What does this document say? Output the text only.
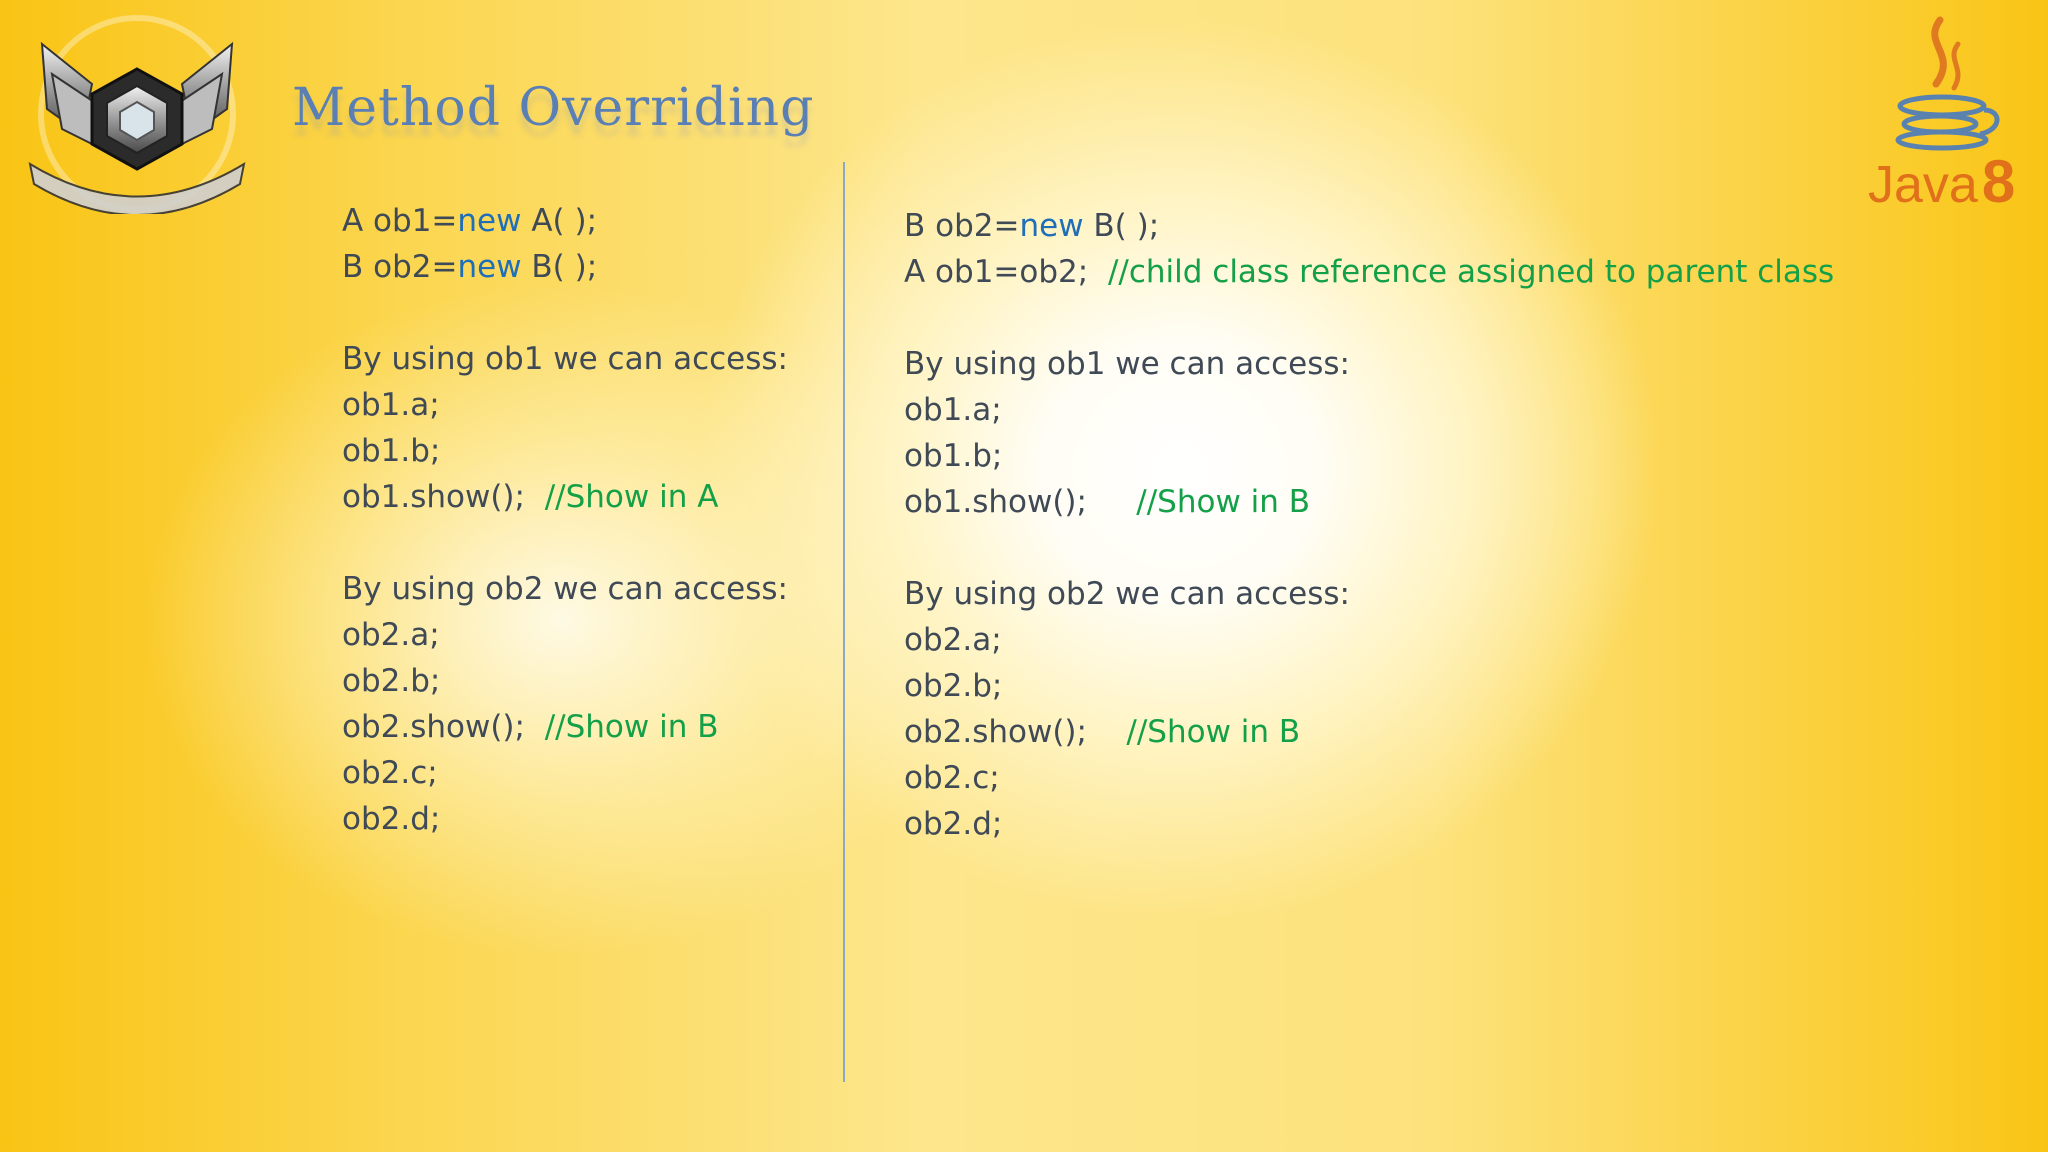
Method Overriding
Java8
A ob1=new A( );
B ob2=new B( );
By using ob1 we can access:
ob1.a;
ob1.b;
ob1.show(); //Show in A
By using ob2 we can access:
ob2.a;
ob2.b;
ob2.show(); //Show in B
ob2.c;
ob2.d;
B ob2=new B( );
A ob1=ob2; //child class reference assigned to parent class
By using ob1 we can access:
ob1.a;
ob1.b;
ob1.show(); //Show in B
By using ob2 we can access:
ob2.a;
ob2.b;
ob2.show(); //Show in B
ob2.c;
ob2.d;
